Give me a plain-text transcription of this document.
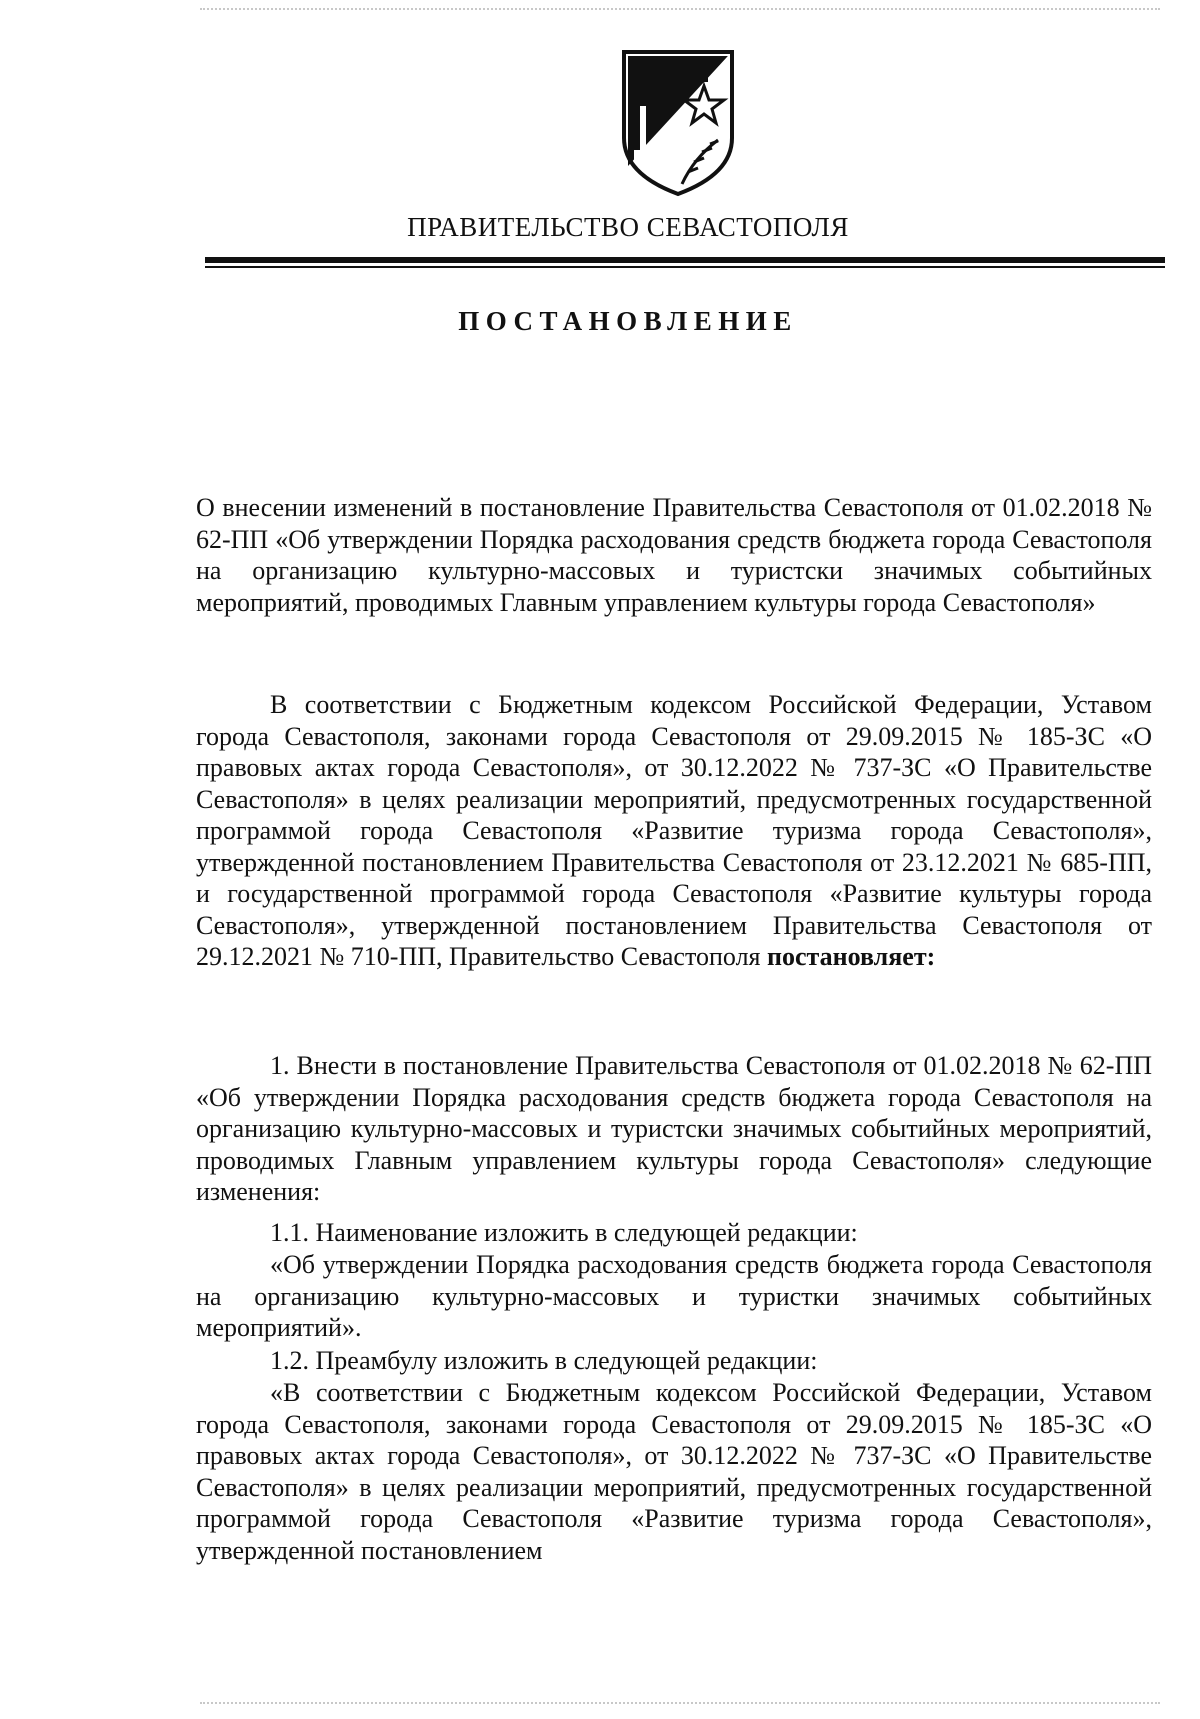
ПРАВИТЕЛЬСТВО СЕВАСТОПОЛЯ
ПОСТАНОВЛЕНИЕ
О внесении изменений в постановление Правительства Севастополя от 01.02.2018 № 62-ПП «Об утверждении Порядка расходования средств бюджета города Севастополя на организацию культурно-массовых и туристски значимых событийных мероприятий, проводимых Главным управлением культуры города Севастополя»
В соответствии с Бюджетным кодексом Российской Федерации, Уставом города Севастополя, законами города Севастополя от 29.09.2015 № 185-ЗС «О правовых актах города Севастополя», от 30.12.2022 № 737-ЗС «О Правительстве Севастополя» в целях реализации мероприятий, предусмотренных государственной программой города Севастополя «Развитие туризма города Севастополя», утвержденной постановлением Правительства Севастополя от 23.12.2021 № 685-ПП, и государственной программой города Севастополя «Развитие культуры города Севастополя», утвержденной постановлением Правительства Севастополя от 29.12.2021 № 710-ПП, Правительство Севастополя постановляет:
1. Внести в постановление Правительства Севастополя от 01.02.2018 № 62-ПП «Об утверждении Порядка расходования средств бюджета города Севастополя на организацию культурно-массовых и туристски значимых событийных мероприятий, проводимых Главным управлением культуры города Севастополя» следующие изменения:
1.1. Наименование изложить в следующей редакции:
«Об утверждении Порядка расходования средств бюджета города Севастополя на организацию культурно-массовых и туристки значимых событийных мероприятий».
1.2. Преамбулу изложить в следующей редакции:
«В соответствии с Бюджетным кодексом Российской Федерации, Уставом города Севастополя, законами города Севастополя от 29.09.2015 № 185-ЗС «О правовых актах города Севастополя», от 30.12.2022 № 737-ЗС «О Правительстве Севастополя» в целях реализации мероприятий, предусмотренных государственной программой города Севастополя «Развитие туризма города Севастополя», утвержденной постановлением
